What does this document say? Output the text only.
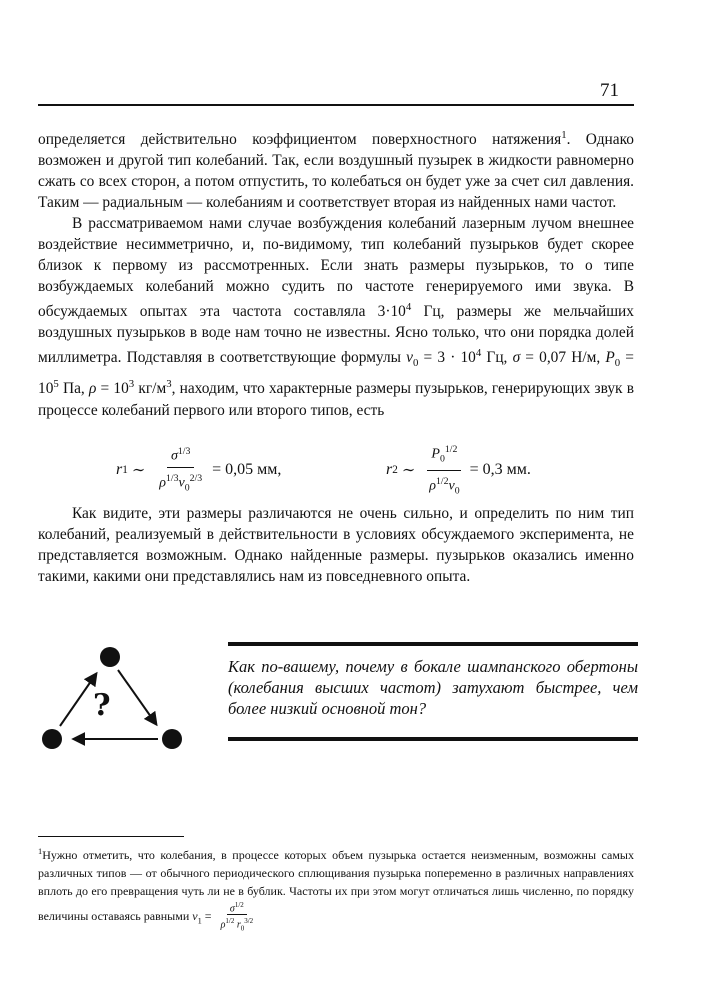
71

определяется действительно коэффициентом поверхностного натяжения$^1$. Однако возможен и другой тип колебаний. Так, если воздушный пузырек в жидкости равномерно сжать со всех сторон, а потом отпустить, то колебаться он будет уже за счет сил давления. Таким — радиальным — колебаниям и соответствует вторая из найденных нами частот.

В рассматриваемом нами случае возбуждения колебаний лазерным лучом внешнее воздействие несимметрично, и, по-видимому, тип колебаний пузырьков будет скорее близок к первому из рассмотренных. Если знать размеры пузырьков, то о типе возбуждаемых колебаний можно судить по частоте генерируемого ими звука. В обсуждаемых опытах эта частота составляла $3\cdot 10^4$ Гц, размеры же мельчайших воздушных пузырьков в воде нам точно не известны. Ясно только, что они порядка долей миллиметра. Подставляя в соответствующие формулы $\nu_0 = 3 \cdot 10^4$ Гц, σ = 0,07 Н/м, $P_0 = 10^5$ Па, $\rho = 10^3$ $кг/м^3$, находим, что характерные размеры пузырьков, генерирующих звук в процессе колебаний первого или второго типов, есть

r 1 ∼ $\frac{\sigma^{1/3}}{\rho^{1/3}\nu_0^{2/3}} = 0,05$ мм,	r 2 ∼ $\frac{P_0^{1/2}}{\rho^{1/2}\nu_0} = 0,3$ мм.

Как видите, эти размеры различаются не очень сильно, и определить по ним тип колебаний, реализуемый в действительности в условиях обсуждаемого эксперимента, не представляется возможным. Однако найденные размеры. пузырьков оказались именно такими, какими они представлялись нам из повседневного опыта.

?
Как по-вашему, почему в бокале шампанского обертоны (колебания высших частот) затухают быстрее, чем более низкий основной тон?
$^1$Нужно отметить, что колебания, в процессе которых объем пузырька остается неизменным, возможны самых различных типов — от обычного периодического сплющивания пузырька попеременно в различных направлениях вплоть до его превращения чуть ли не в бублик. Частоты их при этом могут отличаться лишь численно, по порядку величины оставаясь равными $\nu_1 = \frac{\sigma^{1/2}}{\rho^{1/2} r_0^{3/2}}$
